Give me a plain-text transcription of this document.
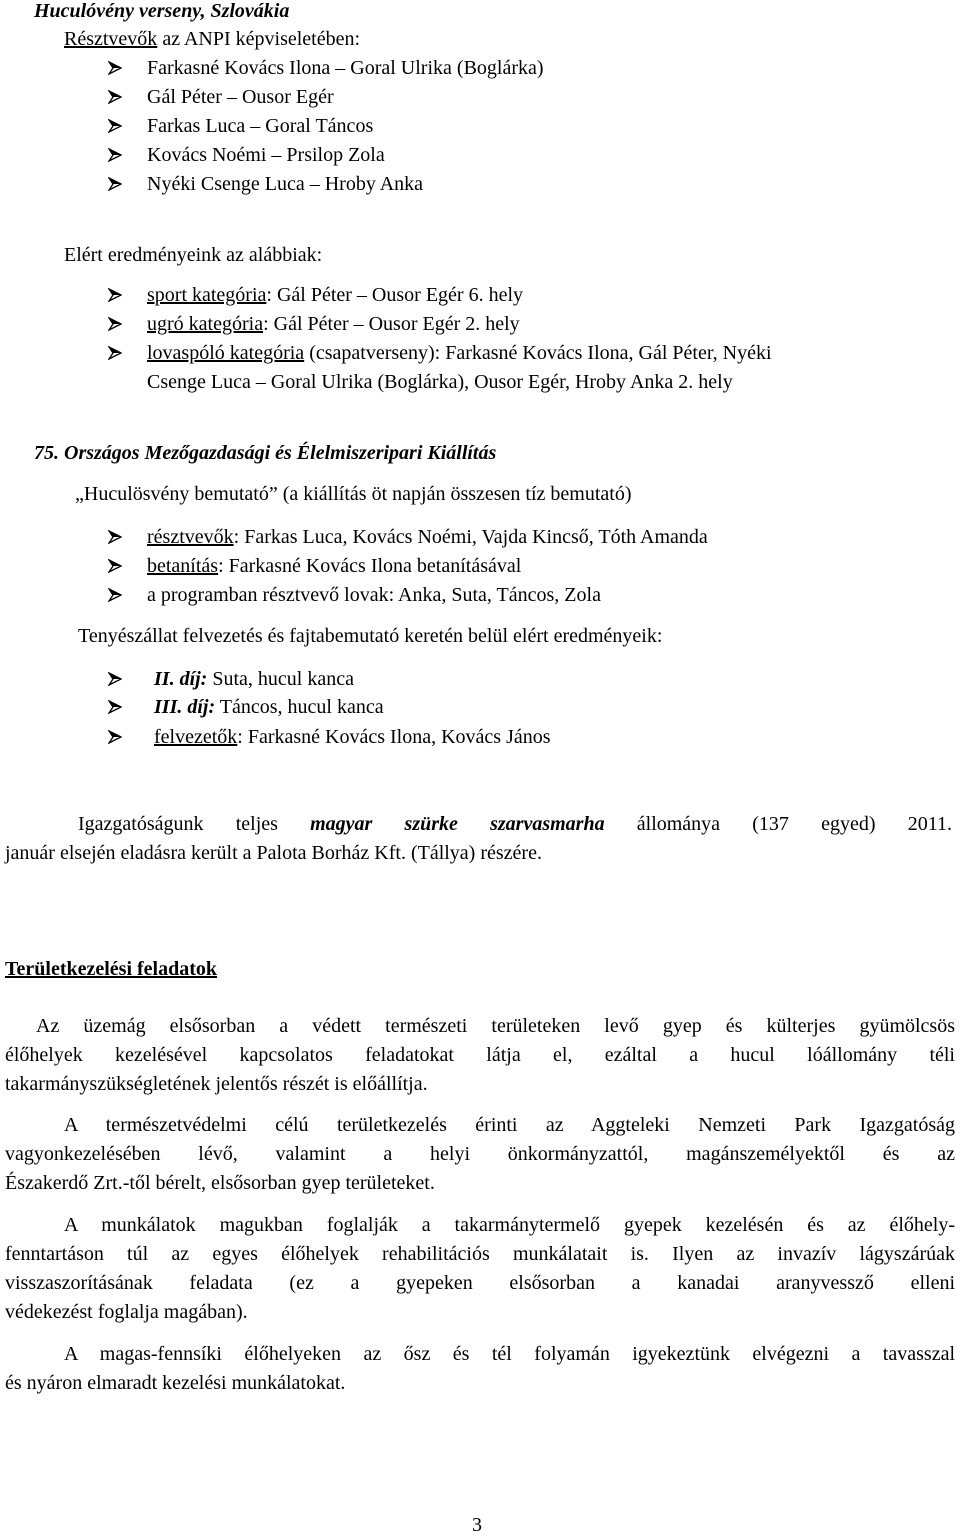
Huculóvény verseny, Szlovákia
Résztvevők az ANPI képviseletében:
Farkasné Kovács Ilona – Goral Ulrika (Boglárka)
Gál Péter – Ousor Egér
Farkas Luca – Goral Táncos
Kovács Noémi – Prsilop Zola
Nyéki Csenge Luca – Hroby Anka
Elért eredményeink az alábbiak:
sport kategória: Gál Péter – Ousor Egér 6. hely
ugró kategória: Gál Péter – Ousor Egér 2. hely
lovaspóló kategória (csapatverseny): Farkasné Kovács Ilona, Gál Péter, Nyéki
Csenge Luca – Goral Ulrika (Boglárka), Ousor Egér, Hroby Anka 2. hely
75. Országos Mezőgazdasági és Élelmiszeripari Kiállítás
„Huculösvény bemutató” (a kiállítás öt napján összesen tíz bemutató)
résztvevők: Farkas Luca, Kovács Noémi, Vajda Kincső, Tóth Amanda
betanítás: Farkasné Kovács Ilona betanításával
a programban résztvevő lovak: Anka, Suta, Táncos, Zola
Tenyészállat felvezetés és fajtabemutató keretén belül elért eredményeik:
II. díj: Suta, hucul kanca
III. díj: Táncos, hucul kanca
felvezetők: Farkasné Kovács Ilona, Kovács János
Igazgatóságunk teljes magyar szürke szarvasmarha állománya (137 egyed) 2011.
január elsején eladásra került a Palota Borház Kft. (Tállya) részére.
Területkezelési feladatok
Az üzemág elsősorban a védett természeti területeken levő gyep és külterjes gyümölcsös
élőhelyek kezelésével kapcsolatos feladatokat látja el, ezáltal a hucul lóállomány téli
takarmányszükségletének jelentős részét is előállítja.
A természetvédelmi célú területkezelés érinti az Aggteleki Nemzeti Park Igazgatóság
vagyonkezelésében lévő, valamint a helyi önkormányzattól, magánszemélyektől és az
Északerdő Zrt.-től bérelt, elsősorban gyep területeket.
A munkálatok magukban foglalják a takarmánytermelő gyepek kezelésén és az élőhely-
fenntartáson túl az egyes élőhelyek rehabilitációs munkálatait is. Ilyen az invazív lágyszárúak
visszaszorításának feladata (ez a gyepeken elsősorban a kanadai aranyvessző elleni
védekezést foglalja magában).
A magas-fennsíki élőhelyeken az ősz és tél folyamán igyekeztünk elvégezni a tavasszal
és nyáron elmaradt kezelési munkálatokat.
3
